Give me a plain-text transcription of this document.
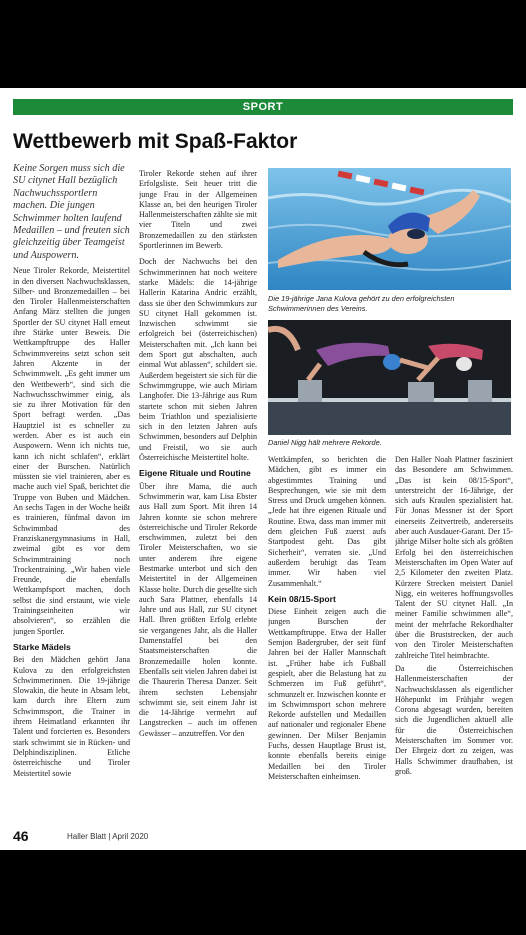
SPORT
Wettbewerb mit Spaß-Faktor

Keine Sorgen muss sich die SU citynet Hall bezüglich Nachwuchssportlern machen. Die jungen Schwimmer holten laufend Medaillen – und freuten sich gleichzeitig über Teamgeist und Auspowern.

Neue Tiroler Rekorde, Meistertitel in den diversen Nachwuchsklassen, Silber- und Bronzemedaillen – bei den Tiroler Hallenmeisterschaften Anfang März stellten die jungen Sportler der SU citynet Hall erneut ihre Stärke unter Beweis. Die Wettkampftruppe des Haller Schwimmvereins setzt schon seit Jahren Akzente in der Schwimmwelt. „Es geht immer um den Wettbewerb“, sind sich die Nachwuchsschwimmer einig, als sie zu ihrer Motivation für den Sport befragt werden. „Das Hauptziel ist es schneller zu werden. Aber es ist auch ein Auspowern. Wenn ich nichts tue, kann ich nicht schlafen“, erklärt einer der Burschen. Natürlich müssten sie viel trainieren, aber es mache auch viel Spaß, berichtet die Truppe von Buben und Mädchen. An sechs Tagen in der Woche heißt es trainieren, fünfmal davon im Schwimmbad des Franziskanergymnasiums in Hall, zweimal gibt es vor dem Schwimmtraining noch Trockentraining. „Wir haben viele Freunde, die ebenfalls Wettkampfsport machen, doch selbst die sind erstaunt, wie viele Trainingseinheiten wir absolvieren“, so erzählen die jungen Sportler.

Starke Mädels

Bei den Mädchen gehört Jana Kulova zu den erfolgreichsten Schwimmerinnen. Die 19-jährige Slowakin, die heute in Absam lebt, kam durch ihre Eltern zum Schwimmsport, die Trainer in ihrem Heimatland erkannten ihr Talent und forcierten es. Besonders stark schwimmt sie in Rücken- und Delphindisziplinen. Etliche österreichische und Tiroler Meistertitel sowie

Tiroler Rekorde stehen auf ihrer Erfolgsliste. Seit heuer tritt die junge Frau in der Allgemeinen Klasse an, bei den heurigen Tiroler Hallenmeisterschaften zählte sie mit vier Titeln und zwei Bronzemedaillen zu den stärksten Sportlerinnen im Bewerb.

Doch der Nachwuchs bei den Schwimmerinnen hat noch weitere starke Mädels: die 14-jährige Hallerin Katarina Andric erzählt, dass sie über den Schwimmkurs zur SU citynet Hall gekommen ist. Inzwischen schwimmt sie erfolgreich bei (österreichischen) Meisterschaften mit. „Ich kann bei dem Sport gut abschalten, auch einmal Wut ablassen“, schildert sie. Außerdem begeistert sie sich für die Schwimmgruppe, wie auch Miriam Langhofer. Die 13-Jährige aus Rum startete schon mit sieben Jahren beim Triathlon und spezialisierte sich in den letzten Jahren aufs Schwimmen, besonders auf Delphin und Freistil, wo sie auch Österreichische Meistertitel holte.

Eigene Rituale und Routine

Über ihre Mama, die auch Schwimmerin war, kam Lisa Ebster aus Hall zum Sport. Mit ihren 14 Jahren konnte sie schon mehrere österreichische und Tiroler Rekorde erschwimmen, zuletzt bei den Tiroler Meisterschaften, wo sie unter anderem ihre eigene Bestmarke unterbot und sich den Meistertitel in der Allgemeinen Klasse holte. Durch die gesellte sich auch Sara Plattner, ebenfalls 14 Jahre und aus Hall, zur SU citynet Hall. Ihren größten Erfolg erlebte sie vergangenes Jahr, als die Haller Damenstaffel bei den Staatsmeisterschaften die Bronzemedaille holen konnte. Ebenfalls seit vielen Jahren dabei ist die Thaurerin Theresa Danzer. Seit ihrem sechsten Lebensjahr schwimmt sie, seit einem Jahr ist die 14-Jährige vermehrt auf Langstrecken – auch im offenen Gewässer – anzutreffen. Vor den

Die 19-jährige Jana Kulova gehört zu den erfolgreichsten Schwimmerinnen des Vereins.
Daniel Nigg hält mehrere Rekorde.

Wettkämpfen, so berichten die Mädchen, gibt es immer ein abgestimmtes Training und Besprechungen, wie sie mit dem Stress und Druck umgehen können. „Jede hat ihre eigenen Rituale und Routine. Etwa, dass man immer mit dem gleichen Fuß zuerst aufs Startpodest geht. Das gibt Sicherheit“, verraten sie. „Und außerdem beruhigt das Team immer. Wir haben viel Zusammenhalt.“

Kein 08/15-Sport

Diese Einheit zeigen auch die jungen Burschen der Wettkampftruppe. Etwa der Haller Semjon Badergruber, der seit fünf Jahren bei der Haller Mannschaft ist. „Früher habe ich Fußball gespielt, aber die Belastung hat zu Schmerzen im Fuß geführt“, schmunzelt er. Inzwischen konnte er im Schwimmsport schon mehrere Rekorde aufstellen und Medaillen auf nationaler und regionaler Ebene gewinnen. Der Milser Benjamin Fuchs, dessen Hauptlage Brust ist, konnte ebenfalls bereits einige Medaillen bei den Tiroler Meisterschaften einheimsen.

Den Haller Noah Plattner fasziniert das Besondere am Schwimmen. „Das ist kein 08/15-Sport“, unterstreicht der 16-Jährige, der sich aufs Kraulen spezialisiert hat. Für Jonas Messner ist der Sport einerseits Zeitvertreib, andererseits aber auch Ausdauer-Garant. Der 15-jährige Milser holte sich als größten Erfolg bei den österreichischen Meisterschaften im Open Water auf 2,5 Kilometer den zweiten Platz. Kürzere Strecken meistert Daniel Nigg, ein weiteres hoffnungsvolles Talent der SU citynet Hall. „In meiner Familie schwimmen alle“, meint der mehrfache Rekordhalter über die Bruststrecken, der auch von den Tiroler Meisterschaften zahlreiche Titel heimbrachte.

Da die Österreichischen Hallenmeisterschaften der Nachwuchsklassen als eigentlicher Höhepunkt im Frühjahr wegen Corona abgesagt wurden, bereiten sich die Jugendlichen aktuell alle für die Österreichischen Meisterschaften im Sommer vor. Der Ehrgeiz dort zu zeigen, was Halls Schwimmer draufhaben, ist groß.

46	Haller Blatt | April 2020
